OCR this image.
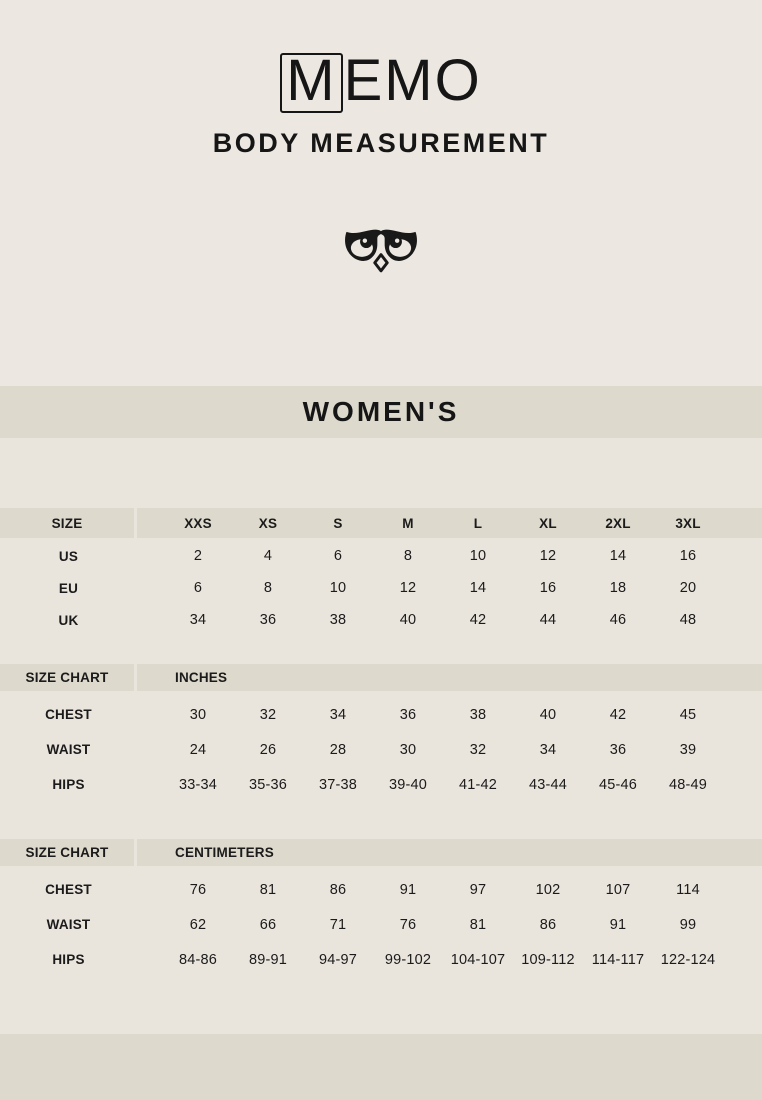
M EMO
BODY MEASUREMENT
WOMEN'S
SIZE	XXS	XS	S	M	L	XL	2XL	3XL
US	2	4	6	8	10	12	14	16
EU	6	8	10	12	14	16	18	20
UK	34	36	38	40	42	44	46	48
SIZE CHART	INCHES
CHEST	30	32	34	36	38	40	42	45
WAIST	24	26	28	30	32	34	36	39
HIPS	33-34	35-36	37-38	39-40	41-42	43-44	45-46	48-49
SIZE CHART	CENTIMETERS
CHEST	76	81	86	91	97	102	107	114
WAIST	62	66	71	76	81	86	91	99
HIPS	84-86	89-91	94-97	99-102	104-107	109-112	114-117	122-124
